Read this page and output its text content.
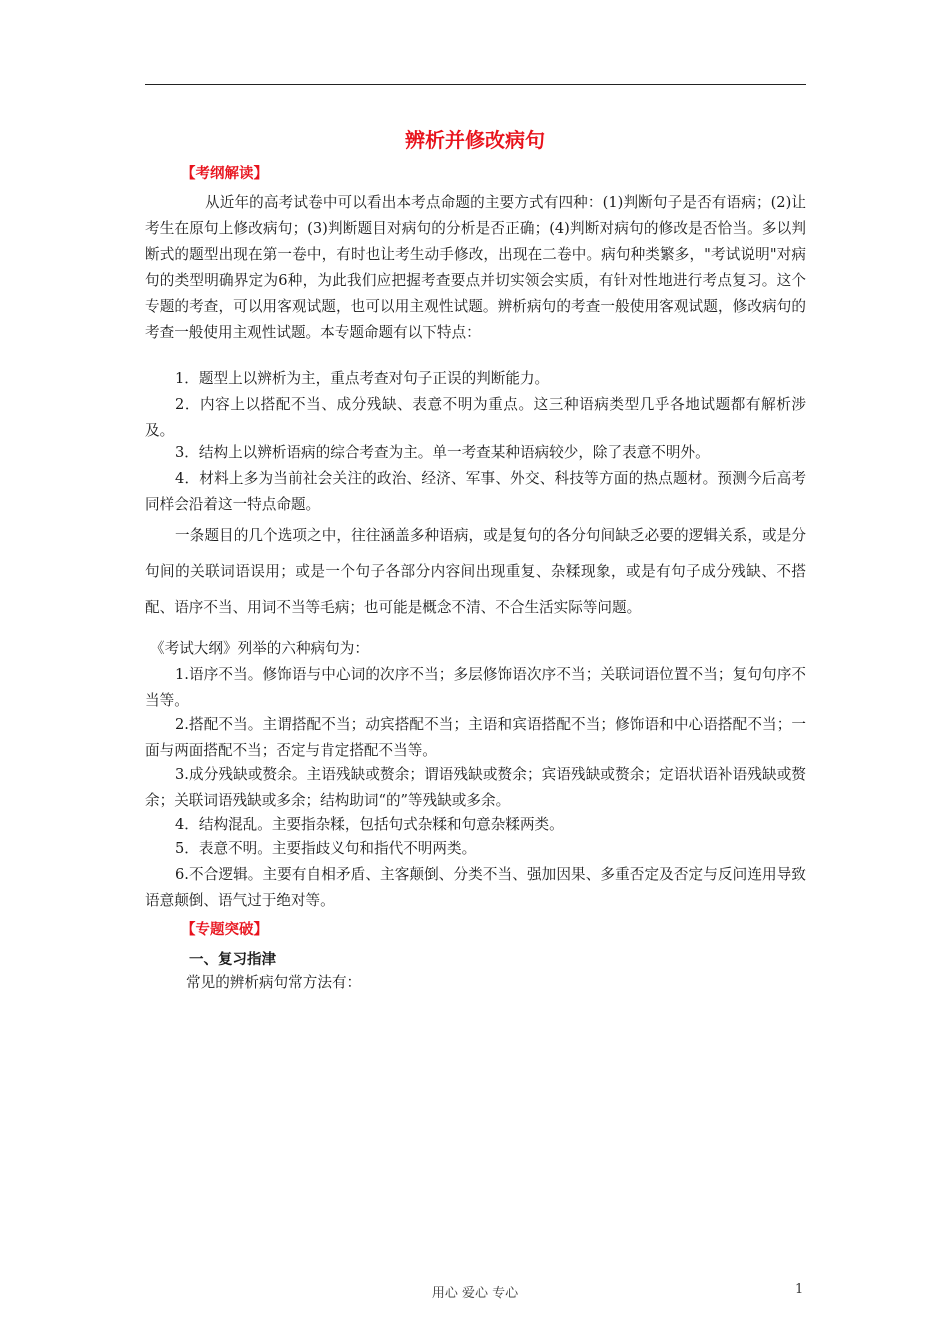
辨析并修改病句
【考纲解读】

从近年的高考试卷中可以看出本考点命题的主要方式有四种：(1)判断句子是否有语病；(2)让考生在原句上修改病句；(3)判断题目对病句的分析是否正确；(4)判断对病句的修改是否恰当。多以判断式的题型出现在第一卷中，有时也让考生动手修改，出现在二卷中。病句种类繁多，"考试说明"对病句的类型明确界定为6种，为此我们应把握考查要点并切实领会实质，有针对性地进行考点复习。这个专题的考查，可以用客观试题，也可以用主观性试题。辨析病句的考查一般使用客观试题，修改病句的考查一般使用主观性试题。本专题命题有以下特点：

1．题型上以辨析为主，重点考查对句子正误的判断能力。

2．内容上以搭配不当、成分残缺、表意不明为重点。这三种语病类型几乎各地试题都有解析涉及。

3．结构上以辨析语病的综合考查为主。单一考查某种语病较少，除了表意不明外。

4．材料上多为当前社会关注的政治、经济、军事、外交、科技等方面的热点题材。预测今后高考同样会沿着这一特点命题。

一条题目的几个选项之中，往往涵盖多种语病，或是复句的各分句间缺乏必要的逻辑关系，或是分句间的关联词语误用；或是一个句子各部分内容间出现重复、杂糅现象，或是有句子成分残缺、不搭配、语序不当、用词不当等毛病；也可能是概念不清、不合生活实际等问题。

《考试大纲》列举的六种病句为：

1.语序不当。修饰语与中心词的次序不当；多层修饰语次序不当；关联词语位置不当；复句句序不当等。

2.搭配不当。主谓搭配不当；动宾搭配不当；主语和宾语搭配不当；修饰语和中心语搭配不当；一面与两面搭配不当；否定与肯定搭配不当等。

3.成分残缺或赘余。主语残缺或赘余；谓语残缺或赘余；宾语残缺或赘余；定语状语补语残缺或赘余；关联词语残缺或多余；结构助词“的”等残缺或多余。

4．结构混乱。主要指杂糅，包括句式杂糅和句意杂糅两类。

5．表意不明。主要指歧义句和指代不明两类。

6.不合逻辑。主要有自相矛盾、主客颠倒、分类不当、强加因果、多重否定及否定与反问连用导致语意颠倒、语气过于绝对等。

【专题突破】
一、复习指津

常见的辨析病句常方法有：

用心 爱心 专心	1
